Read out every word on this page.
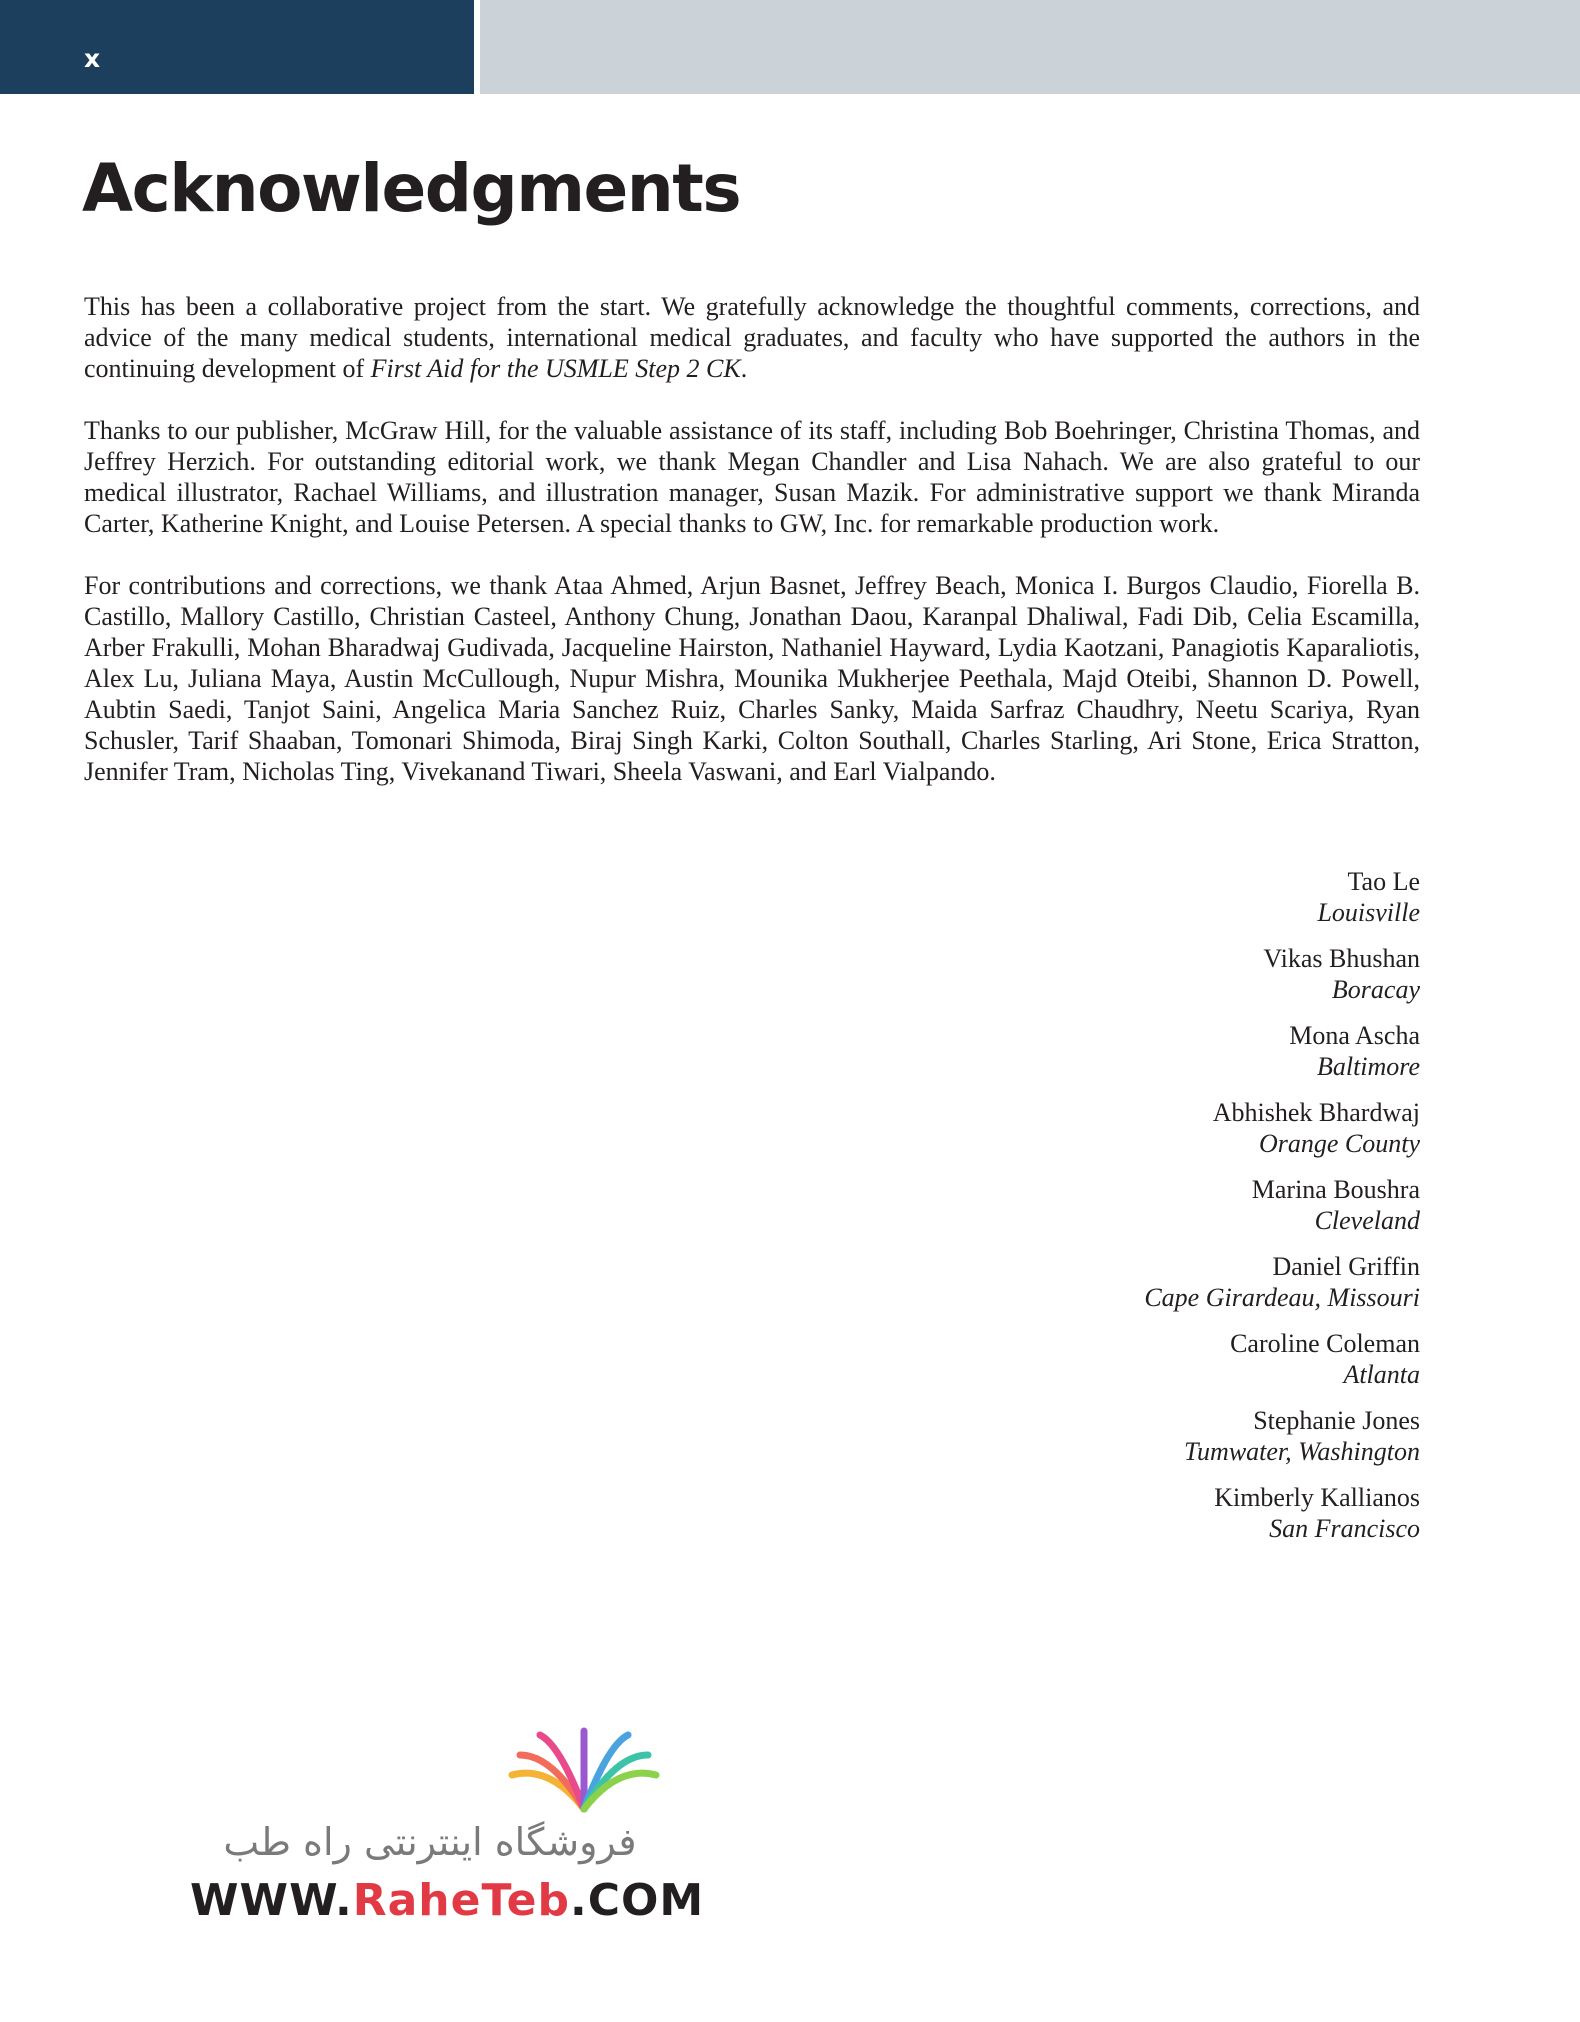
x
Acknowledgments

This has been a collaborative project from the start. We gratefully acknowledge the thoughtful comments, corrections, and advice of the many medical students, international medical graduates, and faculty who have supported the authors in the continuing development of First Aid for the USMLE Step 2 CK.

Thanks to our publisher, McGraw Hill, for the valuable assistance of its staff, including Bob Boehringer, Christina Thomas, and Jeffrey Herzich. For outstanding editorial work, we thank Megan Chandler and Lisa Nahach. We are also grateful to our medical illustrator, Rachael Williams, and illustration manager, Susan Mazik. For administrative support we thank Miranda Carter, Katherine Knight, and Louise Petersen. A special thanks to GW, Inc. for remarkable production work.

For contributions and corrections, we thank Ataa Ahmed, Arjun Basnet, Jeffrey Beach, Monica I. Burgos Claudio, Fiorella B. Castillo, Mallory Castillo, Christian Casteel, Anthony Chung, Jonathan Daou, Karanpal Dhaliwal, Fadi Dib, Celia Escamilla, Arber Frakulli, Mohan Bharadwaj Gudivada, Jacqueline Hairston, Nathaniel Hayward, Lydia Kaotzani, Panagiotis Kaparaliotis, Alex Lu, Juliana Maya, Austin McCullough, Nupur Mishra, Mounika Mukherjee Peethala, Majd Oteibi, Shannon D. Powell, Aubtin Saedi, Tanjot Saini, Angelica Maria Sanchez Ruiz, Charles Sanky, Maida Sarfraz Chaudhry, Neetu Scariya, Ryan Schusler, Tarif Shaaban, Tomonari Shimoda, Biraj Singh Karki, Colton Southall, Charles Starling, Ari Stone, Erica Stratton, Jennifer Tram, Nicholas Ting, Vivekanand Tiwari, Sheela Vaswani, and Earl Vialpando.

Tao Le
Louisville
Vikas Bhushan
Boracay
Mona Ascha
Baltimore
Abhishek Bhardwaj
Orange County
Marina Boushra
Cleveland
Daniel Griffin
Cape Girardeau, Missouri
Caroline Coleman
Atlanta
Stephanie Jones
Tumwater, Washington
Kimberly Kallianos
San Francisco
فروشگاه اینترنتی راه طب
WWW.RaheTeb.COM
